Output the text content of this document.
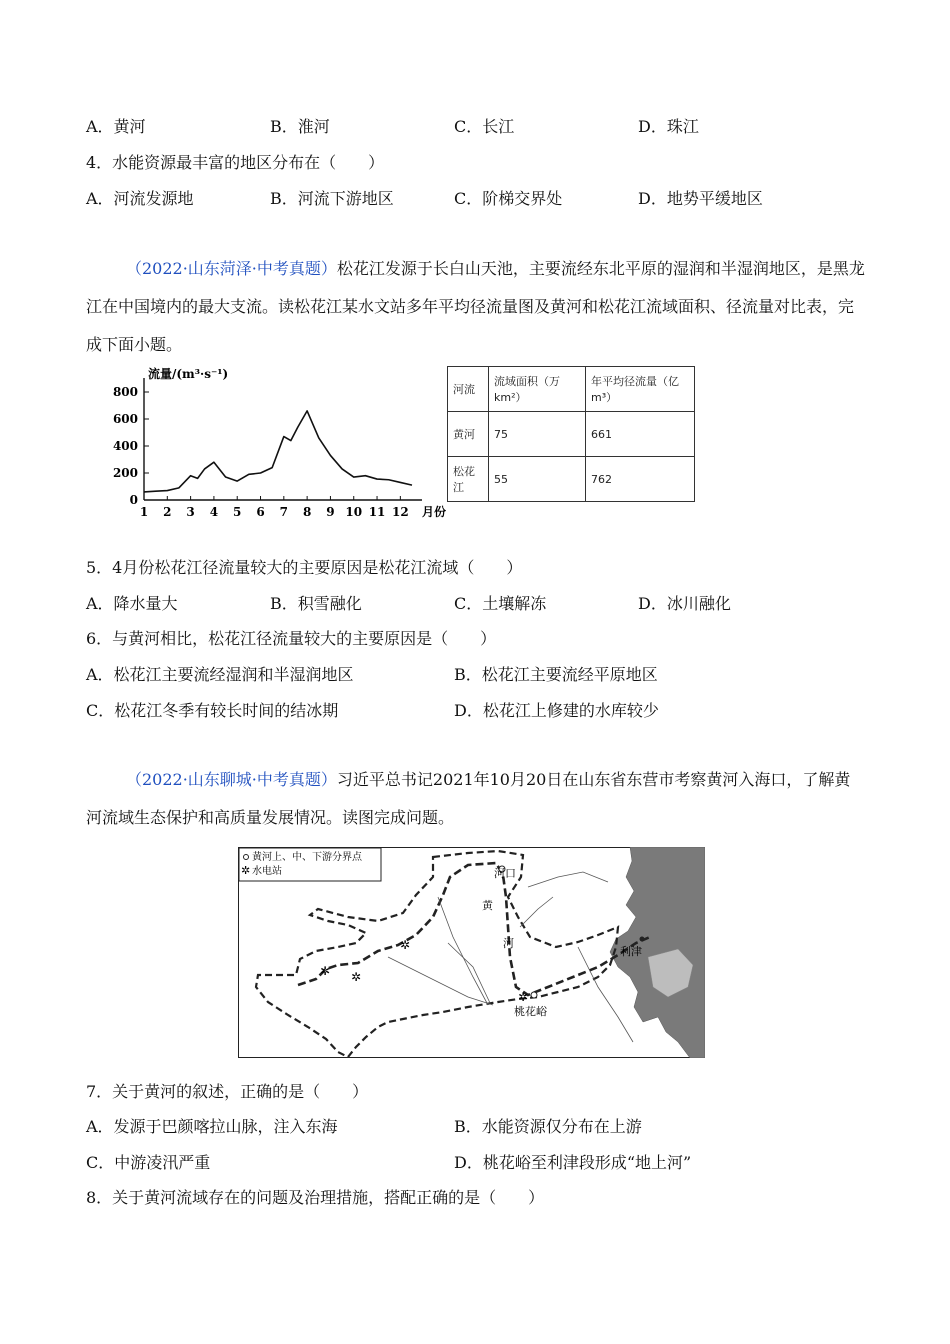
A．黄河	B．淮河	C．长江	D．珠江
4．水能资源最丰富的地区分布在（　　）
A．河流发源地	B．河流下游地区	C．阶梯交界处	D．地势平缓地区
（2022·山东菏泽·中考真题）松花江发源于长白山天池，主要流经东北平原的湿润和半湿润地区，是黑龙江在中国境内的最大支流。读松花江某水文站多年平均径流量图及黄河和松花江流域面积、径流量对比表，完成下面小题。
0
200
400
600
800
1 2 3 4 5 6 7 8 9 10 11 12
流量/(m³·s⁻¹)
月份
河流	流域面积（万km²）	年平均径流量（亿m³）
黄河	75	661
松花江	55	762
5．4月份松花江径流量较大的主要原因是松花江流域（　　）
A．降水量大	B．积雪融化	C．土壤解冻	D．冰川融化
6．与黄河相比，松花江径流量较大的主要原因是（　　）
A．松花江主要流经湿润和半湿润地区	B．松花江主要流经平原地区
C．松花江冬季有较长时间的结冰期	D．松花江上修建的水库较少
（2022·山东聊城·中考真题）习近平总书记2021年10月20日在山东省东营市考察黄河入海口，了解黄河流域生态保护和高质量发展情况。读图完成问题。
黄河上、中、下游分界点
✲ 水电站
✲
✲ ✲
✲
河口
黄
河
利津
桃花峪
7．关于黄河的叙述，正确的是（　　）
A．发源于巴颜喀拉山脉，注入东海	B．水能资源仅分布在上游
C．中游凌汛严重	D．桃花峪至利津段形成“地上河”
8．关于黄河流域存在的问题及治理措施，搭配正确的是（　　）
